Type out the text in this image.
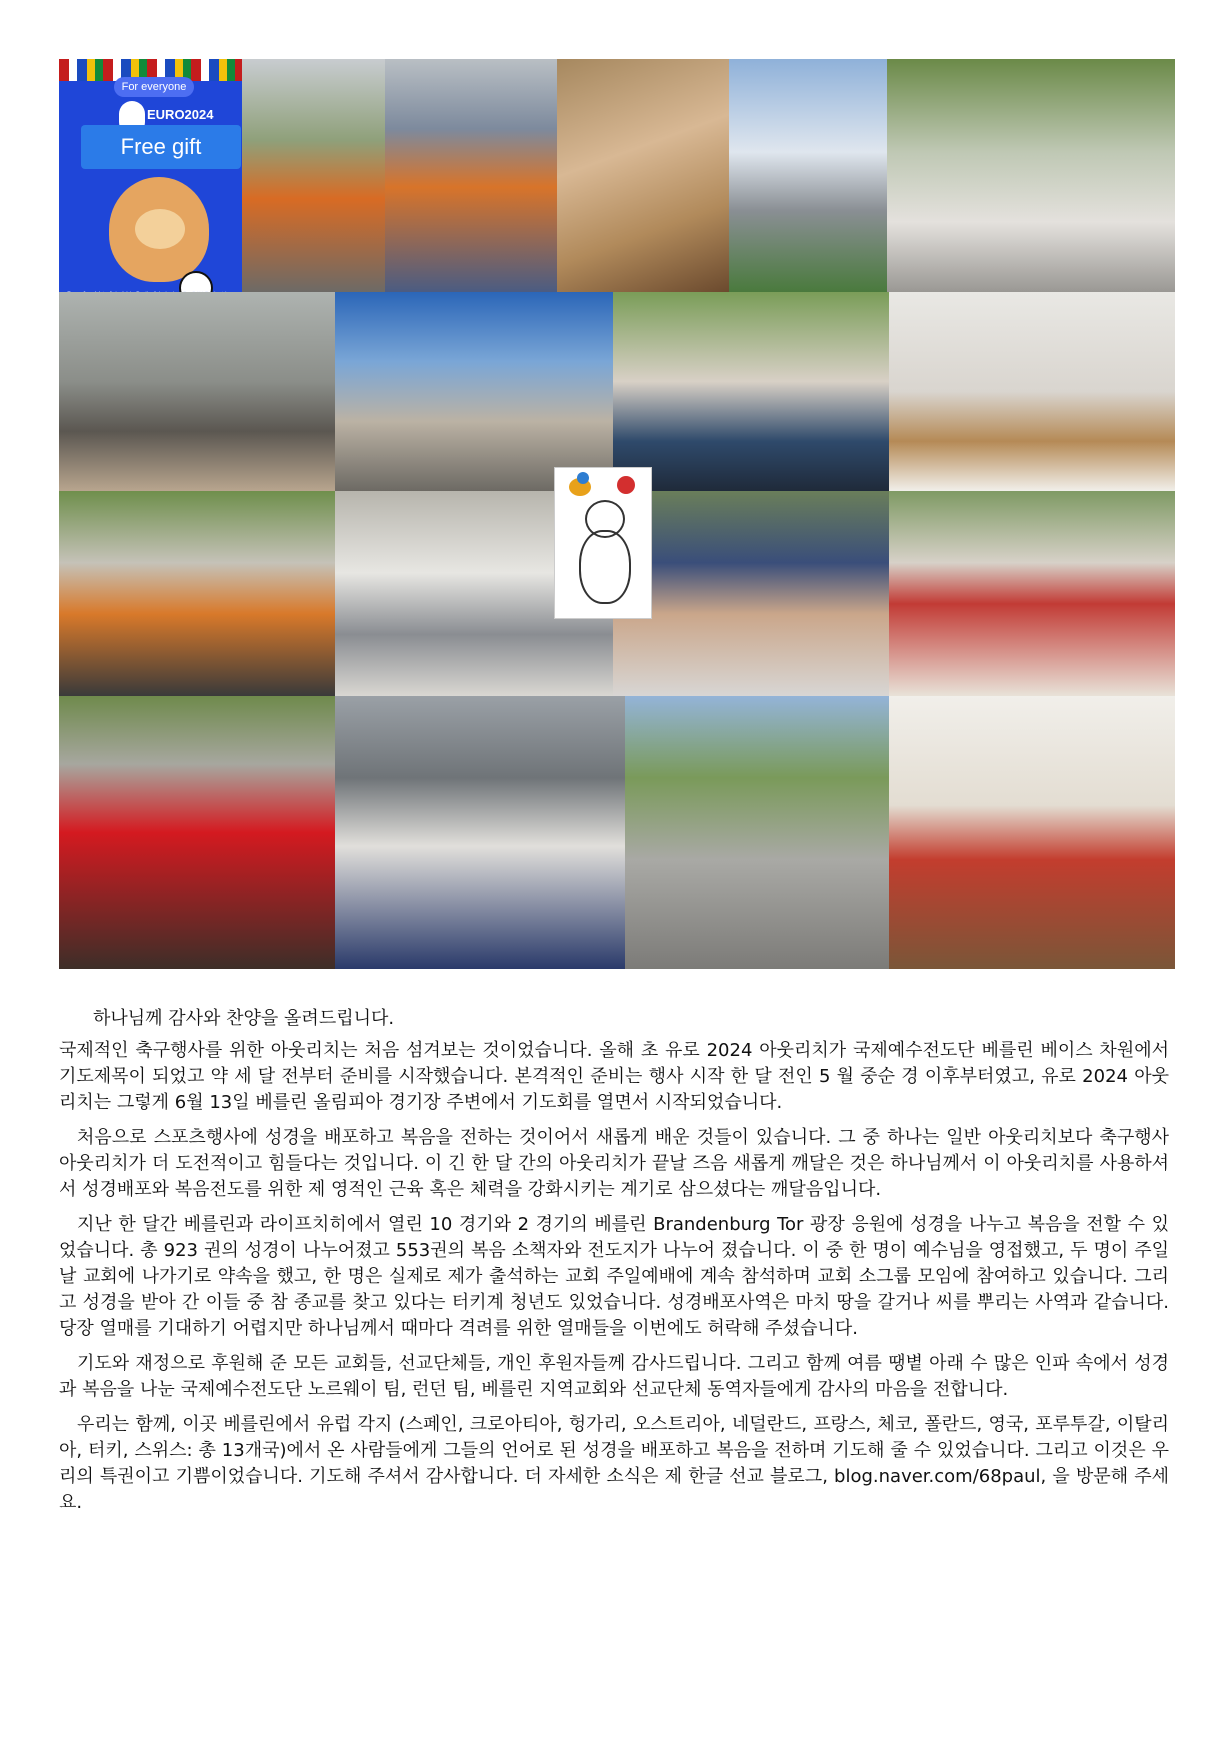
For everyone
EURO2024
Free gift

하나님께 감사와 찬양을 올려드립니다.

국제적인 축구행사를 위한 아웃리치는 처음 섬겨보는 것이었습니다. 올해 초 유로 2024 아웃리치가 국제예수전도단 베를린 베이스 차원에서 기도제목이 되었고 약 세 달 전부터 준비를 시작했습니다. 본격적인 준비는 행사 시작 한 달 전인 5 월 중순 경 이후부터였고, 유로 2024 아웃리치는 그렇게 6월 13일 베를린 올림피아 경기장 주변에서 기도회를 열면서 시작되었습니다.

처음으로 스포츠행사에 성경을 배포하고 복음을 전하는 것이어서 새롭게 배운 것들이 있습니다. 그 중 하나는 일반 아웃리치보다 축구행사 아웃리치가 더 도전적이고 힘들다는 것입니다. 이 긴 한 달 간의 아웃리치가 끝날 즈음 새롭게 깨달은 것은 하나님께서 이 아웃리치를 사용하셔서 성경배포와 복음전도를 위한 제 영적인 근육 혹은 체력을 강화시키는 계기로 삼으셨다는 깨달음입니다.

지난 한 달간 베를린과 라이프치히에서 열린 10 경기와 2 경기의 베를린 Brandenburg Tor 광장 응원에 성경을 나누고 복음을 전할 수 있었습니다. 총 923 권의 성경이 나누어졌고 553권의 복음 소책자와 전도지가 나누어 졌습니다. 이 중 한 명이 예수님을 영접했고, 두 명이 주일날 교회에 나가기로 약속을 했고, 한 명은 실제로 제가 출석하는 교회 주일예배에 계속 참석하며 교회 소그룹 모임에 참여하고 있습니다. 그리고 성경을 받아 간 이들 중 참 종교를 찾고 있다는 터키계 청년도 있었습니다. 성경배포사역은 마치 땅을 갈거나 씨를 뿌리는 사역과 같습니다. 당장 열매를 기대하기 어렵지만 하나님께서 때마다 격려를 위한 열매들을 이번에도 허락해 주셨습니다.

기도와 재정으로 후원해 준 모든 교회들, 선교단체들, 개인 후원자들께 감사드립니다. 그리고 함께 여름 땡볕 아래 수 많은 인파 속에서 성경과 복음을 나눈 국제예수전도단 노르웨이 팀, 런던 팀, 베를린 지역교회와 선교단체 동역자들에게 감사의 마음을 전합니다.

우리는 함께, 이곳 베를린에서 유럽 각지 (스페인, 크로아티아, 헝가리, 오스트리아, 네덜란드, 프랑스, 체코, 폴란드, 영국, 포루투갈, 이탈리아, 터키, 스위스: 총 13개국)에서 온 사람들에게 그들의 언어로 된 성경을 배포하고 복음을 전하며 기도해 줄 수 있었습니다. 그리고 이것은 우리의 특권이고 기쁨이었습니다. 기도해 주셔서 감사합니다. 더 자세한 소식은 제 한글 선교 블로그, blog.naver.com/68paul, 을 방문해 주세요.
